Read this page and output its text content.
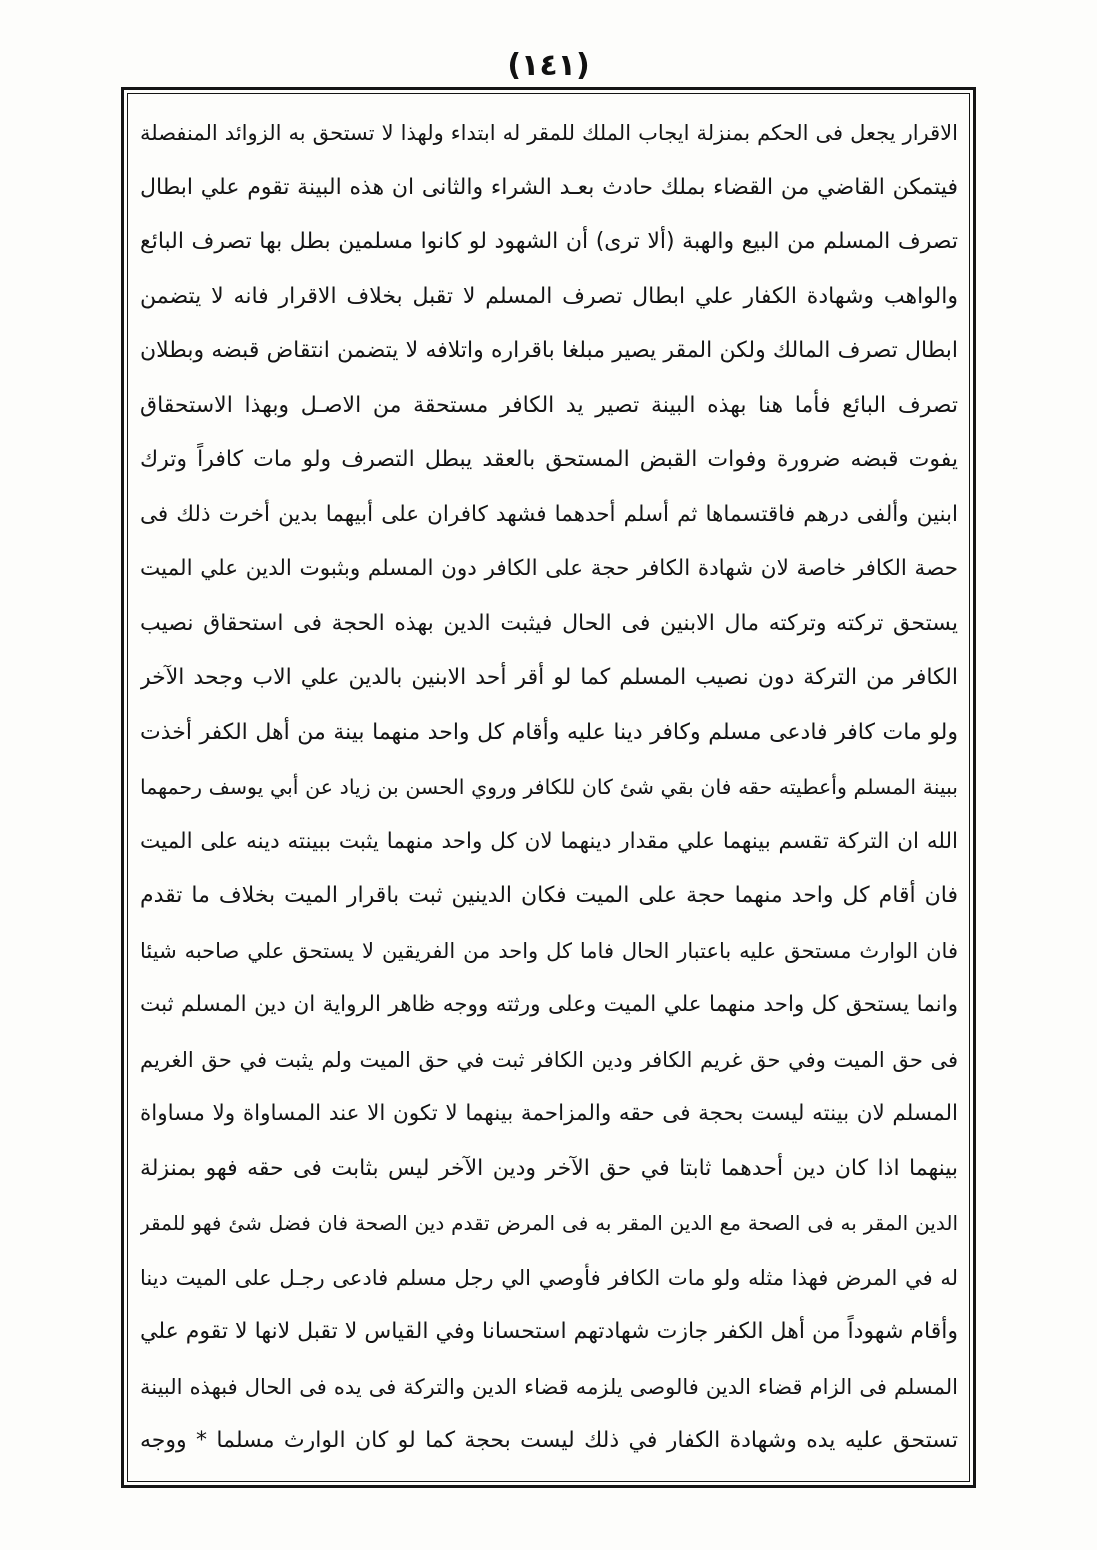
(١٤١)
الاقرار يجعل فى الحكم بمنزلة ايجاب الملك للمقر له ابتداء ولهذا لا تستحق به الزوائد المنفصلة
فيتمكن القاضي من القضاء بملك حادث بعـد الشراء والثانى ان هذه البينة تقوم علي ابطال
تصرف المسلم من البيع والهبة (ألا ترى) أن الشهود لو كانوا مسلمين بطل بها تصرف البائع
والواهب وشهادة الكفار علي ابطال تصرف المسلم لا تقبل بخلاف الاقرار فانه لا يتضمن
ابطال تصرف المالك ولكن المقر يصير مبلغا باقراره واتلافه لا يتضمن انتقاض قبضه وبطلان
تصرف البائع فأما هنا بهذه البينة تصير يد الكافر مستحقة من الاصـل وبهذا الاستحقاق
يفوت قبضه ضرورة وفوات القبض المستحق بالعقد يبطل التصرف ولو مات كافراً وترك
ابنين وألفى درهم فاقتسماها ثم أسلم أحدهما فشهد كافران على أبيهما بدين أخرت ذلك فى
حصة الكافر خاصة لان شهادة الكافر حجة على الكافر دون المسلم وبثبوت الدين علي الميت
يستحق تركته وتركته مال الابنين فى الحال فيثبت الدين بهذه الحجة فى استحقاق نصيب
الكافر من التركة دون نصيب المسلم كما لو أقر أحد الابنين بالدين علي الاب وجحد الآخر
ولو مات كافر فادعى مسلم وكافر دينا عليه وأقام كل واحد منهما بينة من أهل الكفر أخذت
ببينة المسلم وأعطيته حقه فان بقي شئ كان للكافر وروي الحسن بن زياد عن أبي يوسف رحمهما
الله ان التركة تقسم بينهما علي مقدار دينهما لان كل واحد منهما يثبت ببينته دينه على الميت
فان أقام كل واحد منهما حجة على الميت فكان الدينين ثبت باقرار الميت بخلاف ما تقدم
فان الوارث مستحق عليه باعتبار الحال فاما كل واحد من الفريقين لا يستحق علي صاحبه شيئا
وانما يستحق كل واحد منهما علي الميت وعلى ورثته ووجه ظاهر الرواية ان دين المسلم ثبت
فى حق الميت وفي حق غريم الكافر ودين الكافر ثبت في حق الميت ولم يثبت في حق الغريم
المسلم لان بينته ليست بحجة فى حقه والمزاحمة بينهما لا تكون الا عند المساواة ولا مساواة
بينهما اذا كان دين أحدهما ثابتا في حق الآخر ودين الآخر ليس بثابت فى حقه فهو بمنزلة
الدين المقر به فى الصحة مع الدين المقر به فى المرض تقدم دين الصحة فان فضل شئ فهو للمقر
له في المرض فهذا مثله ولو مات الكافر فأوصي الي رجل مسلم فادعى رجـل على الميت دينا
وأقام شهوداً من أهل الكفر جازت شهادتهم استحسانا وفي القياس لا تقبل لانها لا تقوم علي
المسلم فى الزام قضاء الدين فالوصى يلزمه قضاء الدين والتركة فى يده فى الحال فبهذه البينة
تستحق عليه يده وشهادة الكفار في ذلك ليست بحجة كما لو كان الوارث مسلما * ووجه
